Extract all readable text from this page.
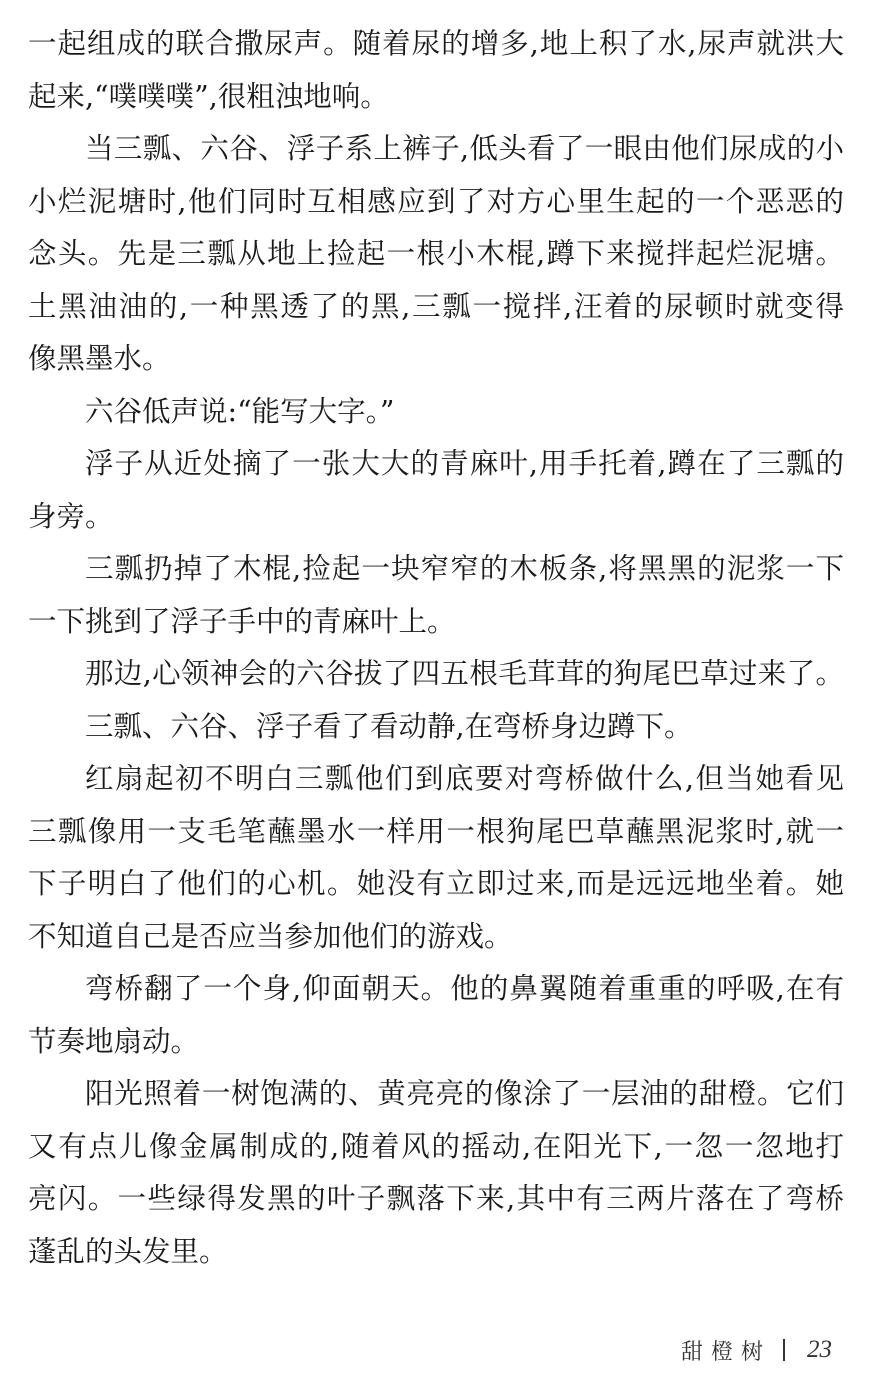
一起组成的联合撒尿声。随着尿的增多,地上积了水,尿声就洪大
起来,“噗噗噗”,很粗浊地响。
当三瓢、六谷、浮子系上裤子,低头看了一眼由他们尿成的小
小烂泥塘时,他们同时互相感应到了对方心里生起的一个恶恶的
念头。先是三瓢从地上捡起一根小木棍,蹲下来搅拌起烂泥塘。
土黑油油的,一种黑透了的黑,三瓢一搅拌,汪着的尿顿时就变得
像黑墨水。
六谷低声说:“能写大字。”
浮子从近处摘了一张大大的青麻叶,用手托着,蹲在了三瓢的
身旁。
三瓢扔掉了木棍,捡起一块窄窄的木板条,将黑黑的泥浆一下
一下挑到了浮子手中的青麻叶上。
那边,心领神会的六谷拔了四五根毛茸茸的狗尾巴草过来了。
三瓢、六谷、浮子看了看动静,在弯桥身边蹲下。
红扇起初不明白三瓢他们到底要对弯桥做什么,但当她看见
三瓢像用一支毛笔蘸墨水一样用一根狗尾巴草蘸黑泥浆时,就一
下子明白了他们的心机。她没有立即过来,而是远远地坐着。她
不知道自己是否应当参加他们的游戏。
弯桥翻了一个身,仰面朝天。他的鼻翼随着重重的呼吸,在有
节奏地扇动。
阳光照着一树饱满的、黄亮亮的像涂了一层油的甜橙。它们
又有点儿像金属制成的,随着风的摇动,在阳光下,一忽一忽地打
亮闪。一些绿得发黑的叶子飘落下来,其中有三两片落在了弯桥
蓬乱的头发里。
甜橙树 23
